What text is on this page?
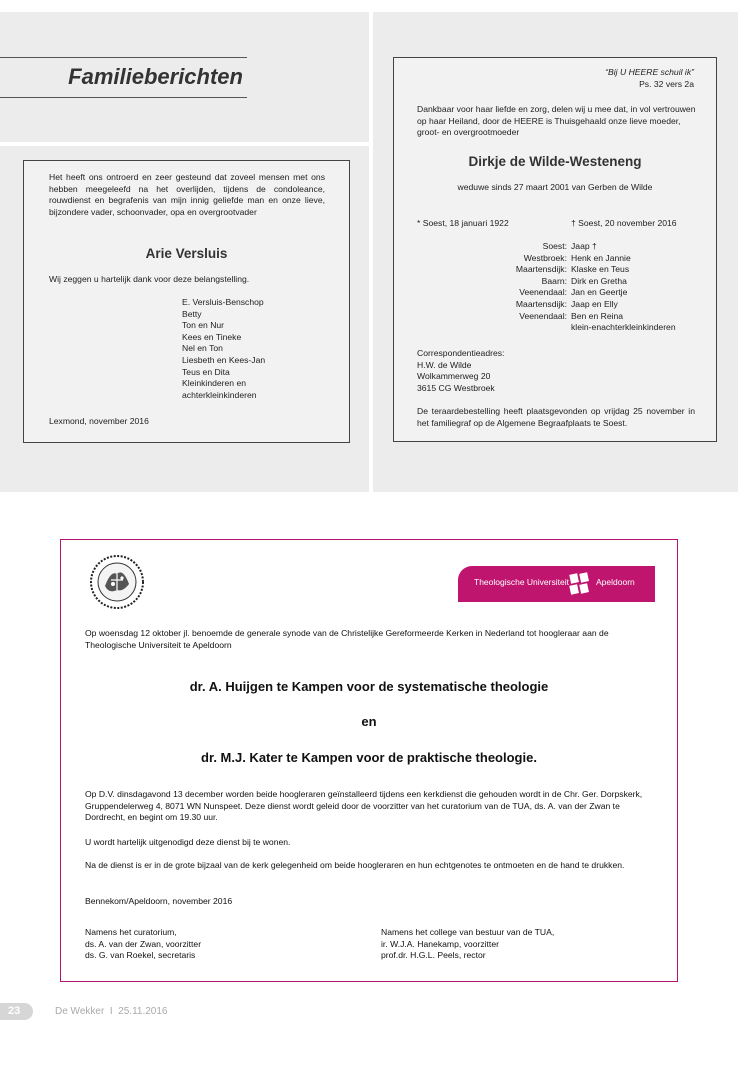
Familieberichten
Het heeft ons ontroerd en zeer gesteund dat zoveel mensen met ons hebben meegeleefd na het overlijden, tijdens de condoleance, rouwdienst en begrafenis van mijn innig geliefde man en onze lieve, bijzondere vader, schoonvader, opa en overgrootvader
Arie Versluis
Wij zeggen u hartelijk dank voor deze belangstelling.
E. Versluis-Benschop
Betty
Ton en Nur
Kees en Tineke
Nel en Ton
Liesbeth en Kees-Jan
Teus en Dita
Kleinkinderen en
achterkleinkinderen
Lexmond, november 2016
“Bij U HEERE schuil ik”
Ps. 32 vers 2a
Dankbaar voor haar liefde en zorg, delen wij u mee dat, in vol vertrouwen op haar Heiland, door de HEERE is Thuisgehaald onze lieve moeder, groot- en overgrootmoeder
Dirkje de Wilde-Westeneng
weduwe sinds 27 maart 2001 van Gerben de Wilde
* Soest, 18 januari 1922	† Soest, 20 november 2016
Soest: Jaap †
Westbroek: Henk en Jannie
Maartensdijk: Klaske en Teus
Baarn: Dirk en Gretha
Veenendaal: Jan en Geertje
Maartensdijk: Jaap en Elly
Veenendaal: Ben en Reina
klein-enachterkleinkinderen
Correspondentieadres:
H.W. de Wilde
Wolkammerweg 20
3615 CG Westbroek
De teraardebestelling heeft plaatsgevonden op vrijdag 25 november in het familiegraf op de Algemene Begraafplaats te Soest.
Theologische Universiteit	Apeldoorn
Op woensdag 12 oktober jl. benoemde de generale synode van de Christelijke Gereformeerde Kerken in Nederland tot hoogleraar aan de Theologische Universiteit te Apeldoorn
dr. A. Huijgen te Kampen voor de systematische theologie
en
dr. M.J. Kater te Kampen voor de praktische theologie.
Op D.V. dinsdagavond 13 december worden beide hoogleraren geïnstalleerd tijdens een kerkdienst die gehouden wordt in de Chr. Ger. Dorpskerk, Gruppendelerweg 4, 8071 WN Nunspeet. Deze dienst wordt geleid door de voorzitter van het curatorium van de TUA, ds. A. van der Zwan te Dordrecht, en begint om 19.30 uur.
U wordt hartelijk uitgenodigd deze dienst bij te wonen.
Na de dienst is er in de grote bijzaal van de kerk gelegenheid om beide hoogleraren en hun echtgenotes te ontmoeten en de hand te drukken.
Bennekom/Apeldoorn, november 2016
Namens het curatorium,
ds. A. van der Zwan, voorzitter
ds. G. van Roekel, secretaris
Namens het college van bestuur van de TUA,
ir. W.J.A. Hanekamp, voorzitter
prof.dr. H.G.L. Peels, rector
23	De Wekker  I  25.11.2016
